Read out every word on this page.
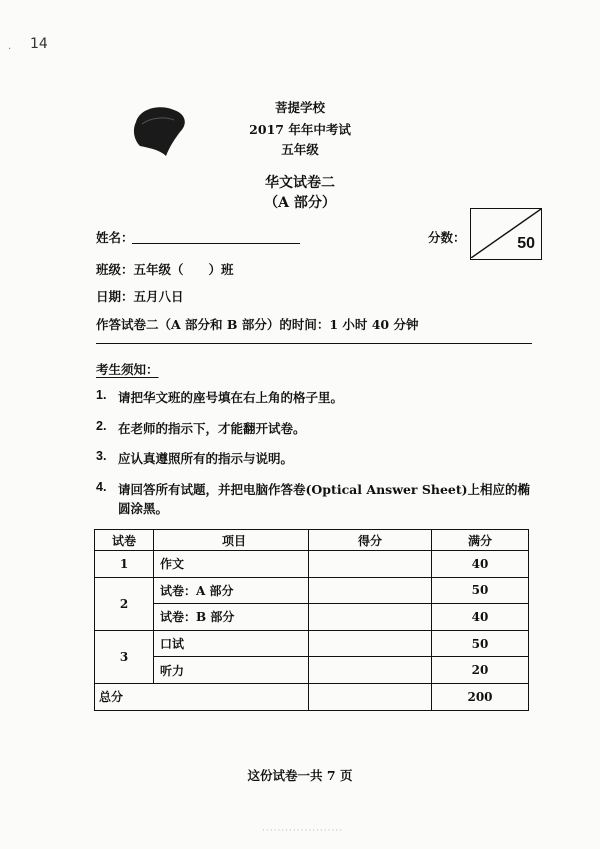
14
·
菩提学校
2017 年年中考试
五年级
华文试卷二
（A 部分）
姓名：
班级：五年级（　　）班
日期：五月八日
作答试卷二（A 部分和 B 部分）的时间：1 小时 40 分钟
分数：	50
考生须知：
1. 请把华文班的座号填在右上角的格子里。
2. 在老师的指示下，才能翻开试卷。
3. 应认真遵照所有的指示与说明。
4. 请回答所有试题，并把电脑作答卷(Optical Answer Sheet)上相应的椭圆涂黑。
试卷	项目	得分	满分
1	作文		40
2	试卷：A 部分		50
	试卷：B 部分		40
3	口试		50
	听力		20
总分			200
这份试卷一共 7 页
·····················
